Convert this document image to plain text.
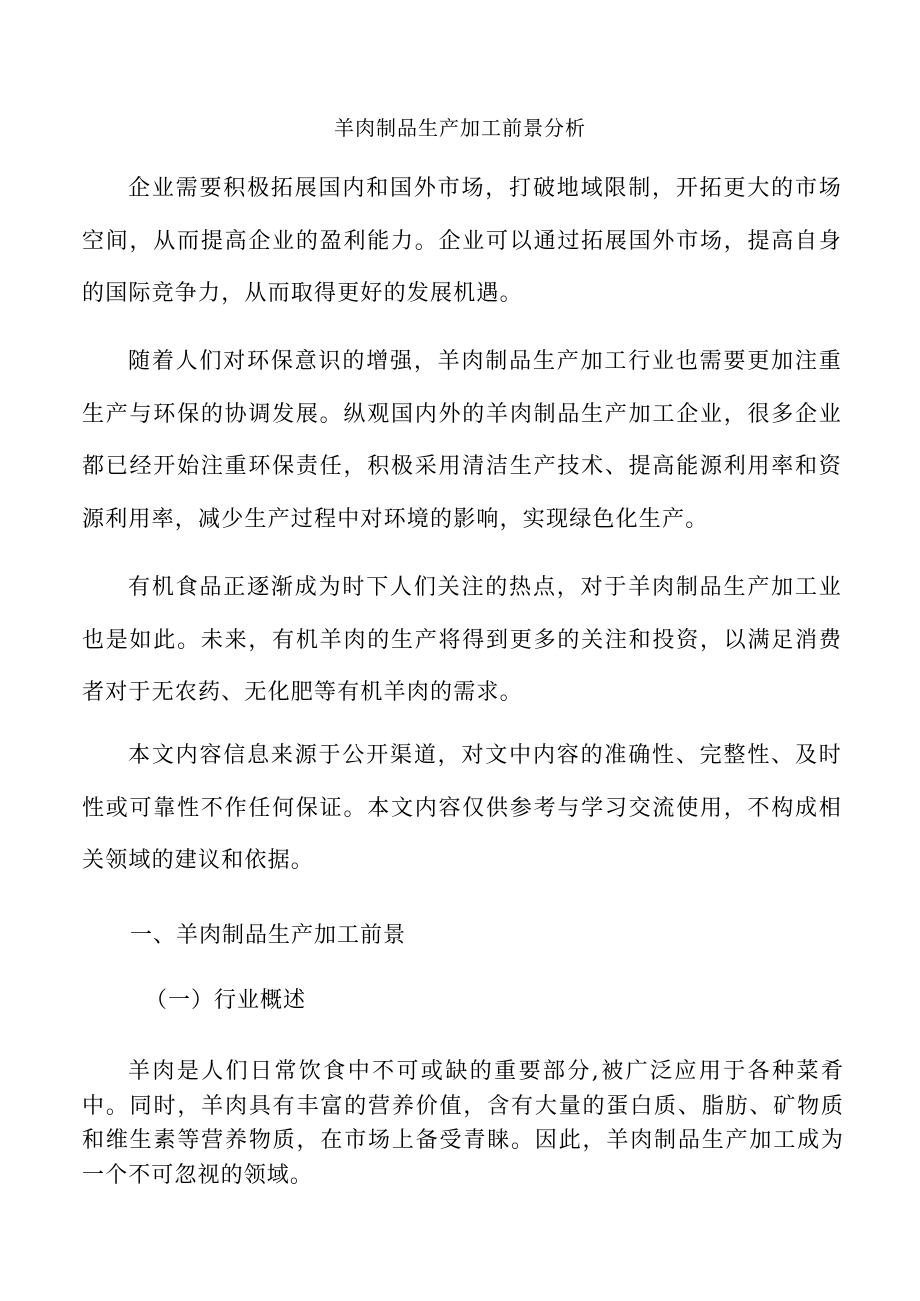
羊肉制品生产加工前景分析

企业需要积极拓展国内和国外市场，打破地域限制，开拓更大的市场空间，从而提高企业的盈利能力。企业可以通过拓展国外市场，提高自身的国际竞争力，从而取得更好的发展机遇。

随着人们对环保意识的增强，羊肉制品生产加工行业也需要更加注重生产与环保的协调发展。纵观国内外的羊肉制品生产加工企业，很多企业都已经开始注重环保责任，积极采用清洁生产技术、提高能源利用率和资源利用率，减少生产过程中对环境的影响，实现绿色化生产。

有机食品正逐渐成为时下人们关注的热点，对于羊肉制品生产加工业也是如此。未来，有机羊肉的生产将得到更多的关注和投资，以满足消费者对于无农药、无化肥等有机羊肉的需求。

本文内容信息来源于公开渠道，对文中内容的准确性、完整性、及时性或可靠性不作任何保证。本文内容仅供参考与学习交流使用，不构成相关领域的建议和依据。

一、羊肉制品生产加工前景
（一）行业概述

羊肉是人们日常饮食中不可或缺的重要部分,被广泛应用于各种菜肴中。同时，羊肉具有丰富的营养价值，含有大量的蛋白质、脂肪、矿物质和维生素等营养物质，在市场上备受青睐。因此，羊肉制品生产加工成为一个不可忽视的领域。
